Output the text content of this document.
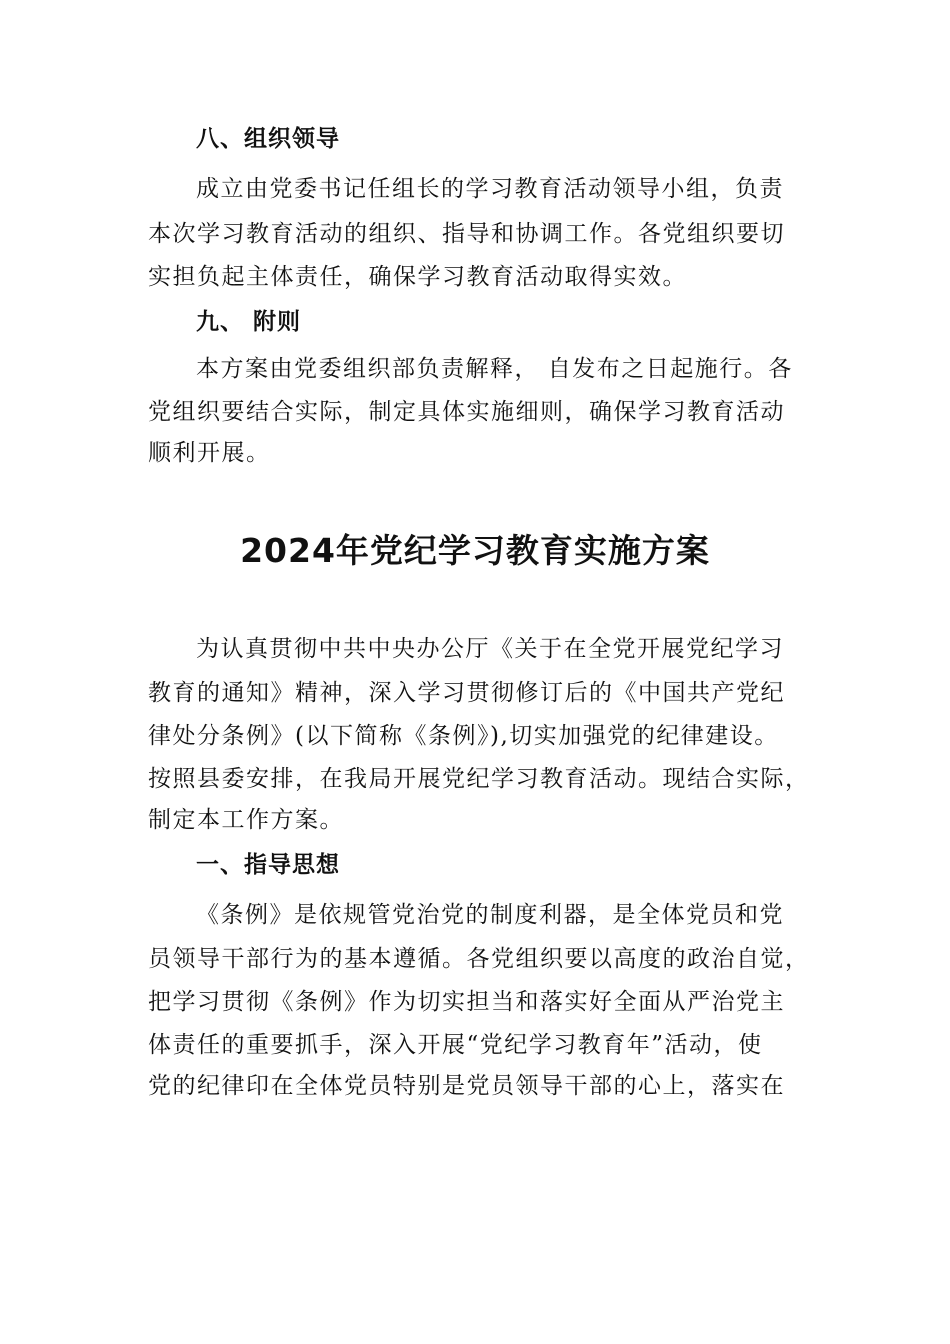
八、组织领导
成立由党委书记任组长的学习教育活动领导小组，负责
本次学习教育活动的组织、指导和协调工作。各党组织要切
实担负起主体责任，确保学习教育活动取得实效。
九、 附则
本方案由党委组织部负责解释， 自发布之日起施行。各
党组织要结合实际，制定具体实施细则，确保学习教育活动
顺利开展。
2024年党纪学习教育实施方案
为认真贯彻中共中央办公厅《关于在全党开展党纪学习
教育的通知》精神，深入学习贯彻修订后的《中国共产党纪
律处分条例》(以下简称《条例》),切实加强党的纪律建设。
按照县委安排，在我局开展党纪学习教育活动。现结合实际，
制定本工作方案。
一、指导思想
《条例》是依规管党治党的制度利器，是全体党员和党
员领导干部行为的基本遵循。各党组织要以高度的政治自觉，
把学习贯彻《条例》作为切实担当和落实好全面从严治党主
体责任的重要抓手，深入开展“党纪学习教育年”活动，使
党的纪律印在全体党员特别是党员领导干部的心上，落实在
